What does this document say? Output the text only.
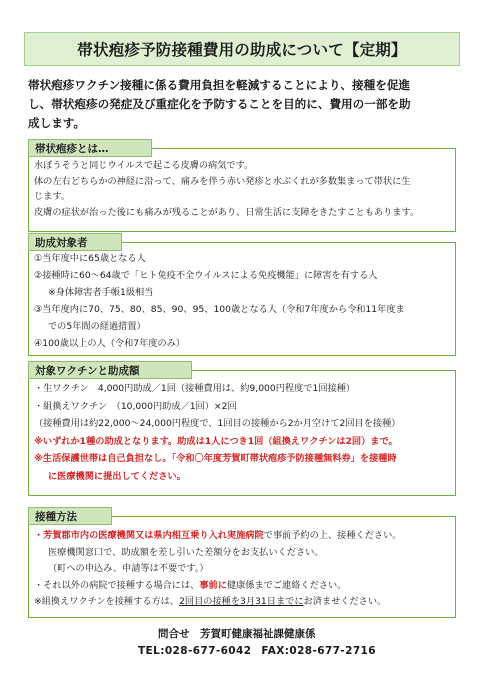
帯状疱疹予防接種費用の助成について【定期】
帯状疱疹ワクチン接種に係る費用負担を軽減することにより、接種を促進
し、帯状疱疹の発症及び重症化を予防することを目的に、費用の一部を助
成します。
帯状疱疹とは…
水ぼうそうと同じウイルスで起こる皮膚の病気です。
体の左右どちらかの神経に沿って、痛みを伴う赤い発疹と水ぶくれが多数集まって帯状に生
じます。
皮膚の症状が治った後にも痛みが残ることがあり、日常生活に支障をきたすこともあります。
助成対象者
①当年度中に65歳となる人
②接種時に60～64歳で「ヒト免疫不全ウイルスによる免疫機能」に障害を有する人
※身体障害者手帳1級相当
③当年度内に70、75、80、85、90、95、100歳となる人（令和7年度から令和11年度ま
での5年間の経過措置）
④100歳以上の人（令和7年度のみ）
対象ワクチンと助成額
・生ワクチン　4,000円助成／1回（接種費用は、約9,000円程度で1回接種）
・組換えワクチン　（10,000円助成／1回）×2回
（接種費用は約22,000～24,000円程度で、1回目の接種から2か月空けて2回目を接種）
※いずれか1種の助成となります。助成は1人につき1回（組換えワクチンは2回）まで。
※生活保護世帯は自己負担なし。「令和〇年度芳賀町帯状疱疹予防接種無料券」を接種時
に医療機関に提出してください。
接種方法
・芳賀郡市内の医療機関又は県内相互乗り入れ実施病院で事前予約の上、接種ください。
医療機関窓口で、助成額を差し引いた差額分をお支払いください。
（町への申込み、申請等は不要です。）
・それ以外の病院で接種する場合には、事前に健康係までご連絡ください。
※組換えワクチンを接種する方は、2回目の接種を3月31日までにお済ませください。
問合せ　芳賀町健康福祉課健康係
TEL:028-677-6042 FAX:028-677-2716
